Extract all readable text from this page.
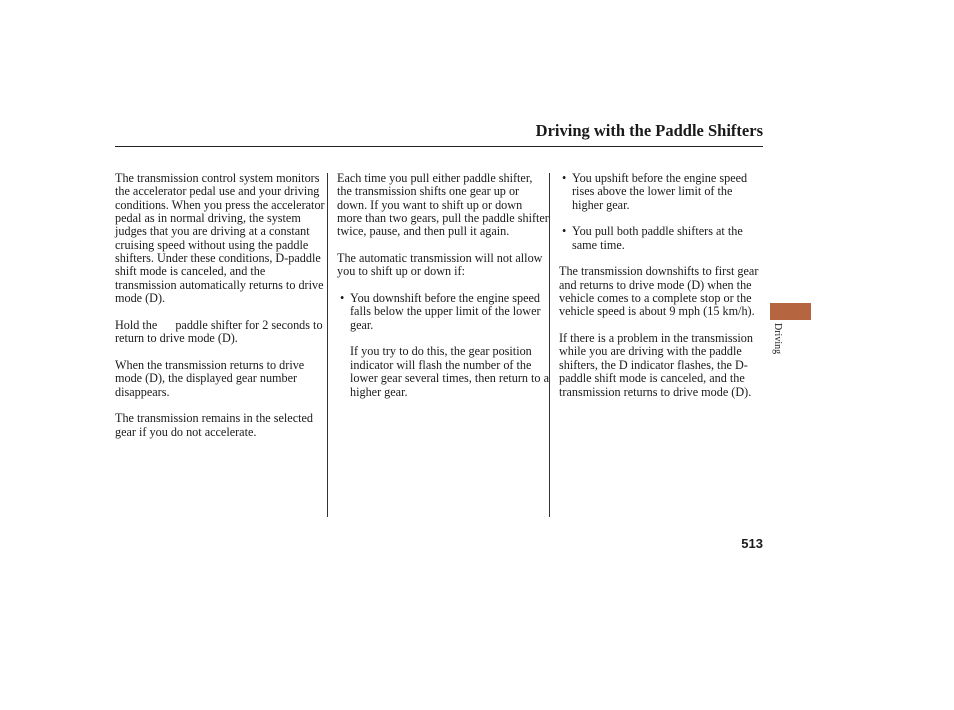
Driving with the Paddle Shifters

The transmission control system monitors the accelerator pedal use and your driving conditions. When you press the accelerator pedal as in normal driving, the system judges that you are driving at a constant cruising speed without using the paddle shifters. Under these conditions, D-paddle shift mode is canceled, and the transmission automatically returns to drive mode (D).

Hold the paddle shifter for 2 seconds to return to drive mode (D).

When the transmission returns to drive mode (D), the displayed gear number disappears.

The transmission remains in the selected gear if you do not accelerate.

Each time you pull either paddle shifter, the transmission shifts one gear up or down. If you want to shift up or down more than two gears, pull the paddle shifter twice, pause, and then pull it again.

The automatic transmission will not allow you to shift up or down if:

• You downshift before the engine speed falls below the upper limit of the lower gear.

If you try to do this, the gear position indicator will flash the number of the lower gear several times, then return to a higher gear.

• You upshift before the engine speed rises above the lower limit of the higher gear.

• You pull both paddle shifters at the same time.

The transmission downshifts to first gear and returns to drive mode (D) when the vehicle comes to a complete stop or the vehicle speed is about 9 mph (15 km/h).

If there is a problem in the transmission while you are driving with the paddle shifters, the D indicator flashes, the D-paddle shift mode is canceled, and the transmission returns to drive mode (D).

Driving
513
